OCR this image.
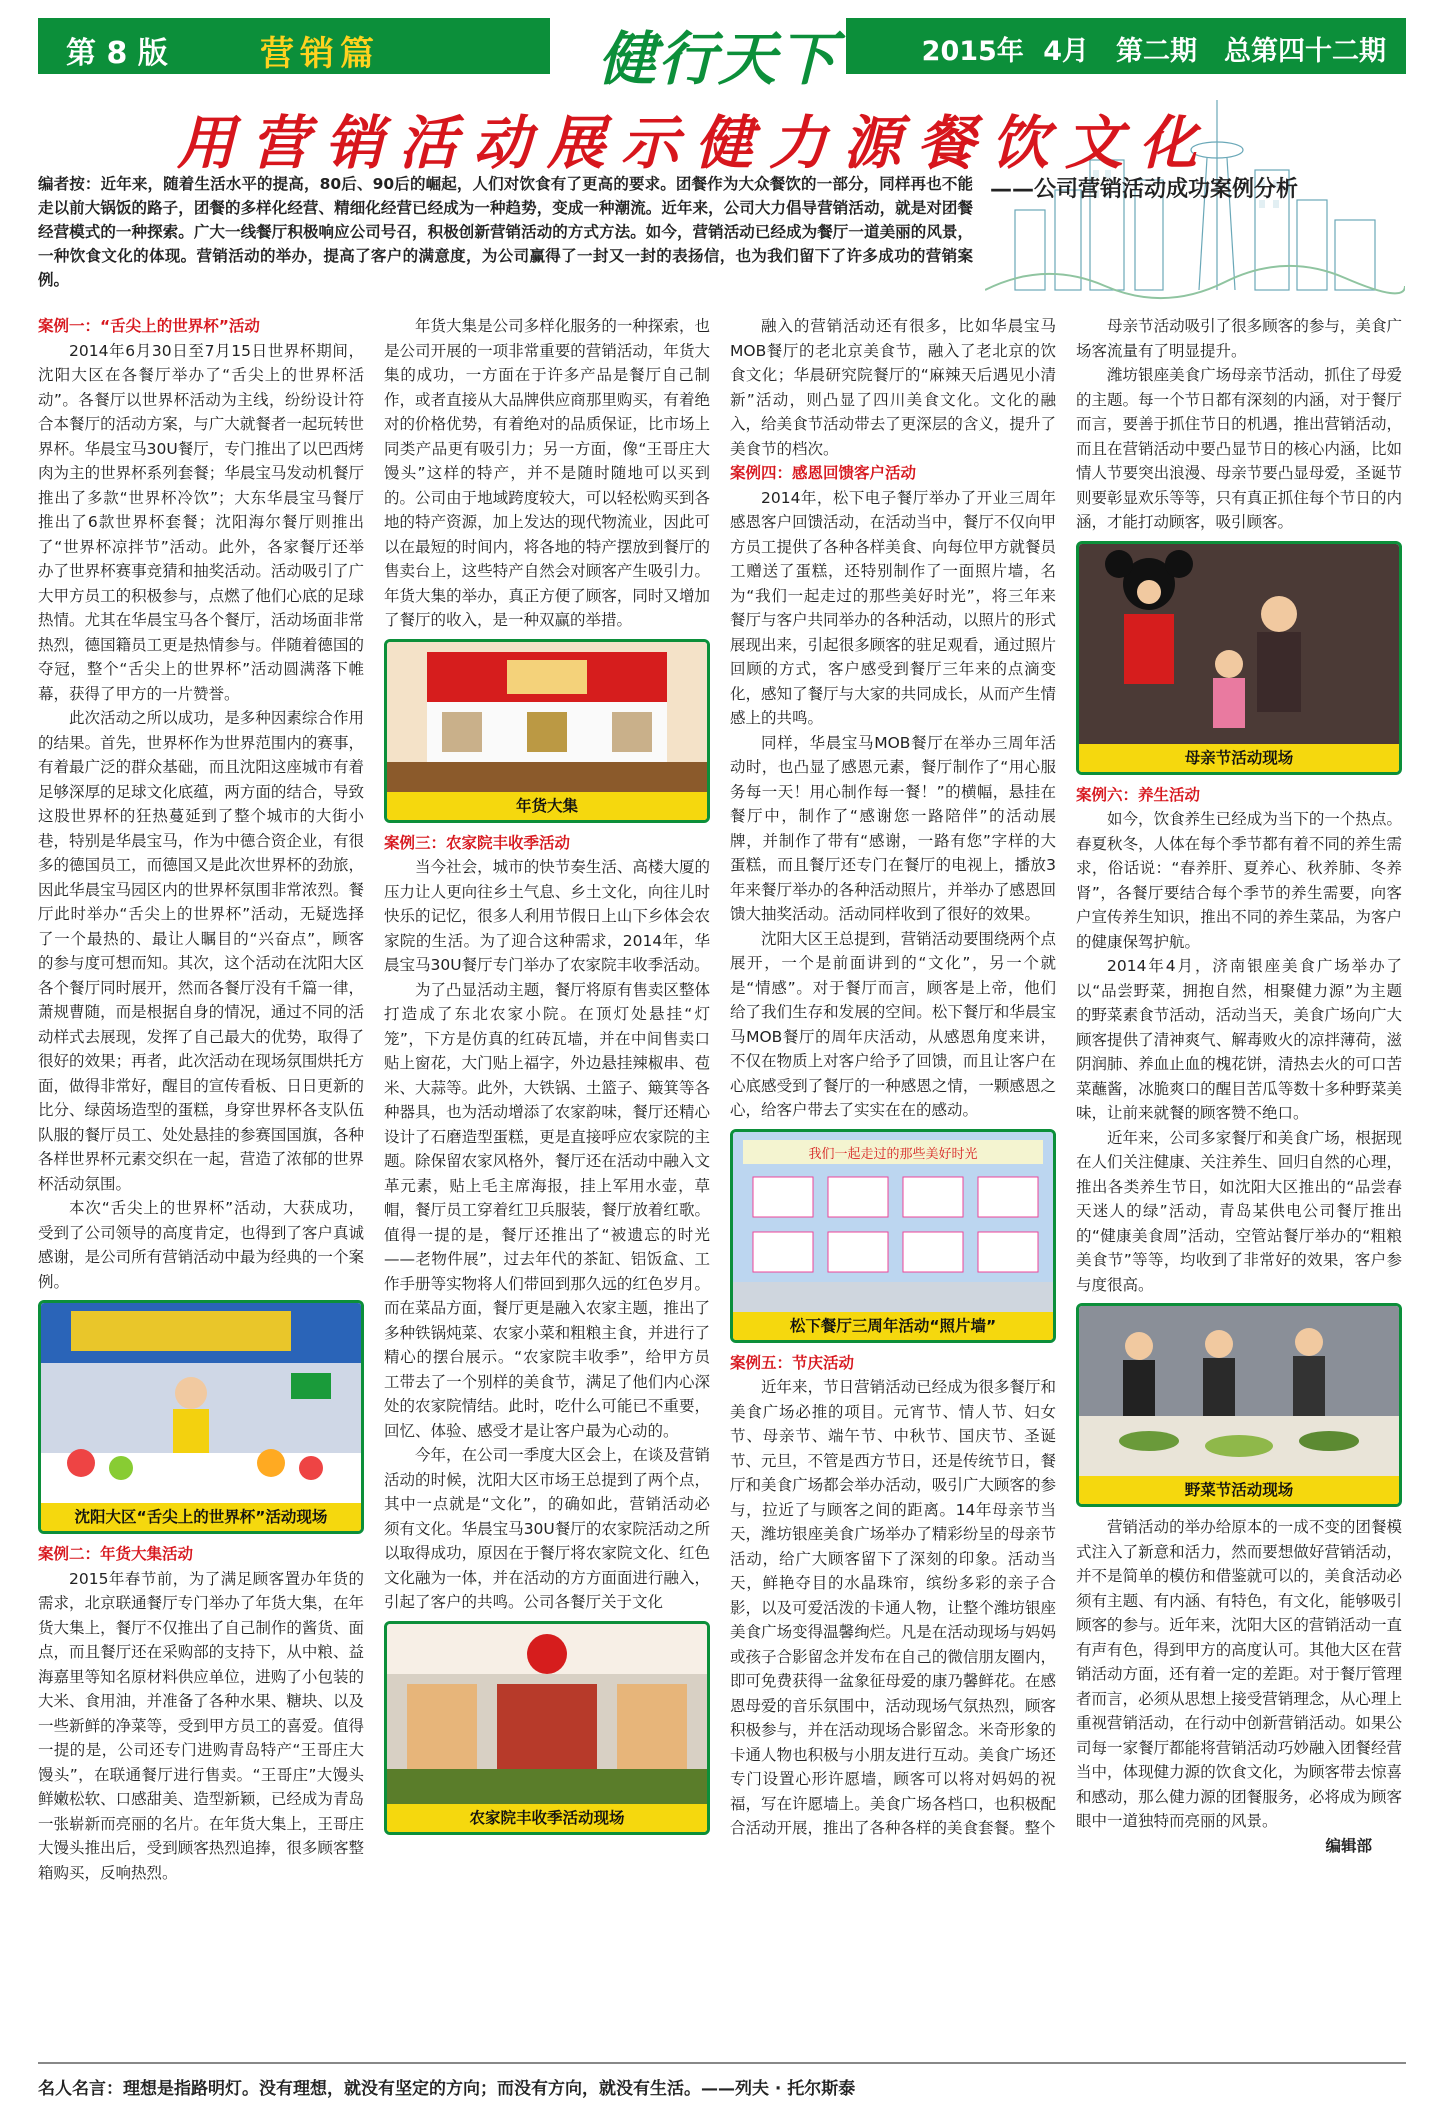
第 8 版	营销篇	健行天下	2015年 4月　第二期　总第四十二期
用营销活动展示健力源餐饮文化
——公司营销活动成功案例分析
编者按：近年来，随着生活水平的提高，80后、90后的崛起，人们对饮食有了更高的要求。团餐作为大众餐饮的一部分，同样再也不能走以前大锅饭的路子，团餐的多样化经营、精细化经营已经成为一种趋势，变成一种潮流。近年来，公司大力倡导营销活动，就是对团餐经营模式的一种探索。广大一线餐厅积极响应公司号召，积极创新营销活动的方式方法。如今，营销活动已经成为餐厅一道美丽的风景，一种饮食文化的体现。营销活动的举办，提高了客户的满意度，为公司赢得了一封又一封的表扬信，也为我们留下了许多成功的营销案例。

案例一：“舌尖上的世界杯”活动

2014年6月30日至7月15日世界杯期间，沈阳大区在各餐厅举办了“舌尖上的世界杯活动”。各餐厅以世界杯活动为主线，纷纷设计符合本餐厅的活动方案，与广大就餐者一起玩转世界杯。华晨宝马30U餐厅，专门推出了以巴西烤肉为主的世界杯系列套餐；华晨宝马发动机餐厅推出了多款“世界杯冷饮”；大东华晨宝马餐厅推出了6款世界杯套餐；沈阳海尔餐厅则推出了“世界杯凉拌节”活动。此外，各家餐厅还举办了世界杯赛事竞猜和抽奖活动。活动吸引了广大甲方员工的积极参与，点燃了他们心底的足球热情。尤其在华晨宝马各个餐厅，活动场面非常热烈，德国籍员工更是热情参与。伴随着德国的夺冠，整个“舌尖上的世界杯”活动圆满落下帷幕，获得了甲方的一片赞誉。

此次活动之所以成功，是多种因素综合作用的结果。首先，世界杯作为世界范围内的赛事，有着最广泛的群众基础，而且沈阳这座城市有着足够深厚的足球文化底蕴，两方面的结合，导致这股世界杯的狂热蔓延到了整个城市的大街小巷，特别是华晨宝马，作为中德合资企业，有很多的德国员工，而德国又是此次世界杯的劲旅，因此华晨宝马园区内的世界杯氛围非常浓烈。餐厅此时举办“舌尖上的世界杯”活动，无疑选择了一个最热的、最让人瞩目的“兴奋点”，顾客的参与度可想而知。其次，这个活动在沈阳大区各个餐厅同时展开，然而各餐厅没有千篇一律，萧规曹随，而是根据自身的情况，通过不同的活动样式去展现，发挥了自己最大的优势，取得了很好的效果；再者，此次活动在现场氛围烘托方面，做得非常好，醒目的宣传看板、日日更新的比分、绿茵场造型的蛋糕，身穿世界杯各支队伍队服的餐厅员工、处处悬挂的参赛国国旗，各种各样世界杯元素交织在一起，营造了浓郁的世界杯活动氛围。

本次“舌尖上的世界杯”活动，大获成功，受到了公司领导的高度肯定，也得到了客户真诚感谢，是公司所有营销活动中最为经典的一个案例。

沈阳大区“舌尖上的世界杯”活动现场

案例二：年货大集活动

2015年春节前，为了满足顾客置办年货的需求，北京联通餐厅专门举办了年货大集，在年货大集上，餐厅不仅推出了自己制作的酱货、面点，而且餐厅还在采购部的支持下，从中粮、益海嘉里等知名原材料供应单位，进购了小包装的大米、食用油，并准备了各种水果、糖块、以及一些新鲜的净菜等，受到甲方员工的喜爱。值得一提的是，公司还专门进购青岛特产“王哥庄大馒头”，在联通餐厅进行售卖。“王哥庄”大馒头鲜嫩松软、口感甜美、造型新颖，已经成为青岛一张崭新而亮丽的名片。在年货大集上，王哥庄大馒头推出后，受到顾客热烈追捧，很多顾客整箱购买，反响热烈。

年货大集是公司多样化服务的一种探索，也是公司开展的一项非常重要的营销活动，年货大集的成功，一方面在于许多产品是餐厅自己制作，或者直接从大品牌供应商那里购买，有着绝对的价格优势，有着绝对的品质保证，比市场上同类产品更有吸引力；另一方面，像“王哥庄大馒头”这样的特产，并不是随时随地可以买到的。公司由于地域跨度较大，可以轻松购买到各地的特产资源，加上发达的现代物流业，因此可以在最短的时间内，将各地的特产摆放到餐厅的售卖台上，这些特产自然会对顾客产生吸引力。年货大集的举办，真正方便了顾客，同时又增加了餐厅的收入，是一种双赢的举措。

年货大集

案例三：农家院丰收季活动

当今社会，城市的快节奏生活、高楼大厦的压力让人更向往乡土气息、乡土文化，向往儿时快乐的记忆，很多人利用节假日上山下乡体会农家院的生活。为了迎合这种需求，2014年，华晨宝马30U餐厅专门举办了农家院丰收季活动。

为了凸显活动主题，餐厅将原有售卖区整体打造成了东北农家小院。在顶灯处悬挂“灯笼”，下方是仿真的红砖瓦墙，并在中间售卖口贴上窗花，大门贴上福字，外边悬挂辣椒串、苞米、大蒜等。此外，大铁锅、土篮子、簸箕等各种器具，也为活动增添了农家韵味，餐厅还精心设计了石磨造型蛋糕，更是直接呼应农家院的主题。除保留农家风格外，餐厅还在活动中融入文革元素，贴上毛主席海报，挂上军用水壶，草帽，餐厅员工穿着红卫兵服装，餐厅放着红歌。值得一提的是，餐厅还推出了“被遗忘的时光——老物件展”，过去年代的茶缸、铝饭盒、工作手册等实物将人们带回到那久远的红色岁月。而在菜品方面，餐厅更是融入农家主题，推出了多种铁锅炖菜、农家小菜和粗粮主食，并进行了精心的摆台展示。“农家院丰收季”，给甲方员工带去了一个别样的美食节，满足了他们内心深处的农家院情结。此时，吃什么可能已不重要，回忆、体验、感受才是让客户最为心动的。

今年，在公司一季度大区会上，在谈及营销活动的时候，沈阳大区市场王总提到了两个点，其中一点就是“文化”，的确如此，营销活动必须有文化。华晨宝马30U餐厅的农家院活动之所以取得成功，原因在于餐厅将农家院文化、红色文化融为一体，并在活动的方方面面进行融入，引起了客户的共鸣。公司各餐厅关于文化

农家院丰收季活动现场

融入的营销活动还有很多，比如华晨宝马MOB餐厅的老北京美食节，融入了老北京的饮食文化；华晨研究院餐厅的“麻辣天后遇见小清新”活动，则凸显了四川美食文化。文化的融入，给美食节活动带去了更深层的含义，提升了美食节的档次。

案例四：感恩回馈客户活动

2014年，松下电子餐厅举办了开业三周年感恩客户回馈活动，在活动当中，餐厅不仅向甲方员工提供了各种各样美食、向每位甲方就餐员工赠送了蛋糕，还特别制作了一面照片墙，名为“我们一起走过的那些美好时光”，将三年来餐厅与客户共同举办的各种活动，以照片的形式展现出来，引起很多顾客的驻足观看，通过照片回顾的方式，客户感受到餐厅三年来的点滴变化，感知了餐厅与大家的共同成长，从而产生情感上的共鸣。

同样，华晨宝马MOB餐厅在举办三周年活动时，也凸显了感恩元素，餐厅制作了“用心服务每一天！用心制作每一餐！”的横幅，悬挂在餐厅中，制作了“感谢您一路陪伴”的活动展牌，并制作了带有“感谢，一路有您”字样的大蛋糕，而且餐厅还专门在餐厅的电视上，播放3年来餐厅举办的各种活动照片，并举办了感恩回馈大抽奖活动。活动同样收到了很好的效果。

沈阳大区王总提到，营销活动要围绕两个点展开，一个是前面讲到的“文化”，另一个就是“情感”。对于餐厅而言，顾客是上帝，他们给了我们生存和发展的空间。松下餐厅和华晨宝马MOB餐厅的周年庆活动，从感恩角度来讲，不仅在物质上对客户给予了回馈，而且让客户在心底感受到了餐厅的一种感恩之情，一颗感恩之心，给客户带去了实实在在的感动。

我们一起走过的那些美好时光
松下餐厅三周年活动“照片墙”

案例五：节庆活动

近年来，节日营销活动已经成为很多餐厅和美食广场必推的项目。元宵节、情人节、妇女节、母亲节、端午节、中秋节、国庆节、圣诞节、元旦，不管是西方节日，还是传统节日，餐厅和美食广场都会举办活动，吸引广大顾客的参与，拉近了与顾客之间的距离。14年母亲节当天，潍坊银座美食广场举办了精彩纷呈的母亲节活动，给广大顾客留下了深刻的印象。活动当天，鲜艳夺目的水晶珠帘，缤纷多彩的亲子合影，以及可爱活泼的卡通人物，让整个潍坊银座美食广场变得温馨绚烂。凡是在活动现场与妈妈或孩子合影留念并发布在自己的微信朋友圈内，即可免费获得一盆象征母爱的康乃馨鲜花。在感恩母爱的音乐氛围中，活动现场气氛热烈，顾客积极参与，并在活动现场合影留念。米奇形象的卡通人物也积极与小朋友进行互动。美食广场还专门设置心形许愿墙，顾客可以将对妈妈的祝福，写在许愿墙上。美食广场各档口，也积极配合活动开展，推出了各种各样的美食套餐。整个

母亲节活动吸引了很多顾客的参与，美食广场客流量有了明显提升。

潍坊银座美食广场母亲节活动，抓住了母爱的主题。每一个节日都有深刻的内涵，对于餐厅而言，要善于抓住节日的机遇，推出营销活动，而且在营销活动中要凸显节日的核心内涵，比如情人节要突出浪漫、母亲节要凸显母爱，圣诞节则要彰显欢乐等等，只有真正抓住每个节日的内涵，才能打动顾客，吸引顾客。

母亲节活动现场

案例六：养生活动

如今，饮食养生已经成为当下的一个热点。春夏秋冬，人体在每个季节都有着不同的养生需求，俗话说：“春养肝、夏养心、秋养肺、冬养肾”，各餐厅要结合每个季节的养生需要，向客户宣传养生知识，推出不同的养生菜品，为客户的健康保驾护航。

2014年4月，济南银座美食广场举办了以“品尝野菜，拥抱自然，相聚健力源”为主题的野菜素食节活动，活动当天，美食广场向广大顾客提供了清神爽气、解毒败火的凉拌薄荷，滋阴润肺、养血止血的槐花饼，清热去火的可口苦菜蘸酱，冰脆爽口的醒目苦瓜等数十多种野菜美味，让前来就餐的顾客赞不绝口。

近年来，公司多家餐厅和美食广场，根据现在人们关注健康、关注养生、回归自然的心理，推出各类养生节日，如沈阳大区推出的“品尝春天迷人的绿”活动，青岛某供电公司餐厅推出的“健康美食周”活动，空管站餐厅举办的“粗粮美食节”等等，均收到了非常好的效果，客户参与度很高。

野菜节活动现场

营销活动的举办给原本的一成不变的团餐模式注入了新意和活力，然而要想做好营销活动，并不是简单的模仿和借鉴就可以的，美食活动必须有主题、有内涵、有特色，有文化，能够吸引顾客的参与。近年来，沈阳大区的营销活动一直有声有色，得到甲方的高度认可。其他大区在营销活动方面，还有着一定的差距。对于餐厅管理者而言，必须从思想上接受营销理念，从心理上重视营销活动，在行动中创新营销活动。如果公司每一家餐厅都能将营销活动巧妙融入团餐经营当中，体现健力源的饮食文化，为顾客带去惊喜和感动，那么健力源的团餐服务，必将成为顾客眼中一道独特而亮丽的风景。

编辑部

名人名言：理想是指路明灯。没有理想，就没有坚定的方向；而没有方向，就没有生活。——列夫 · 托尔斯泰
